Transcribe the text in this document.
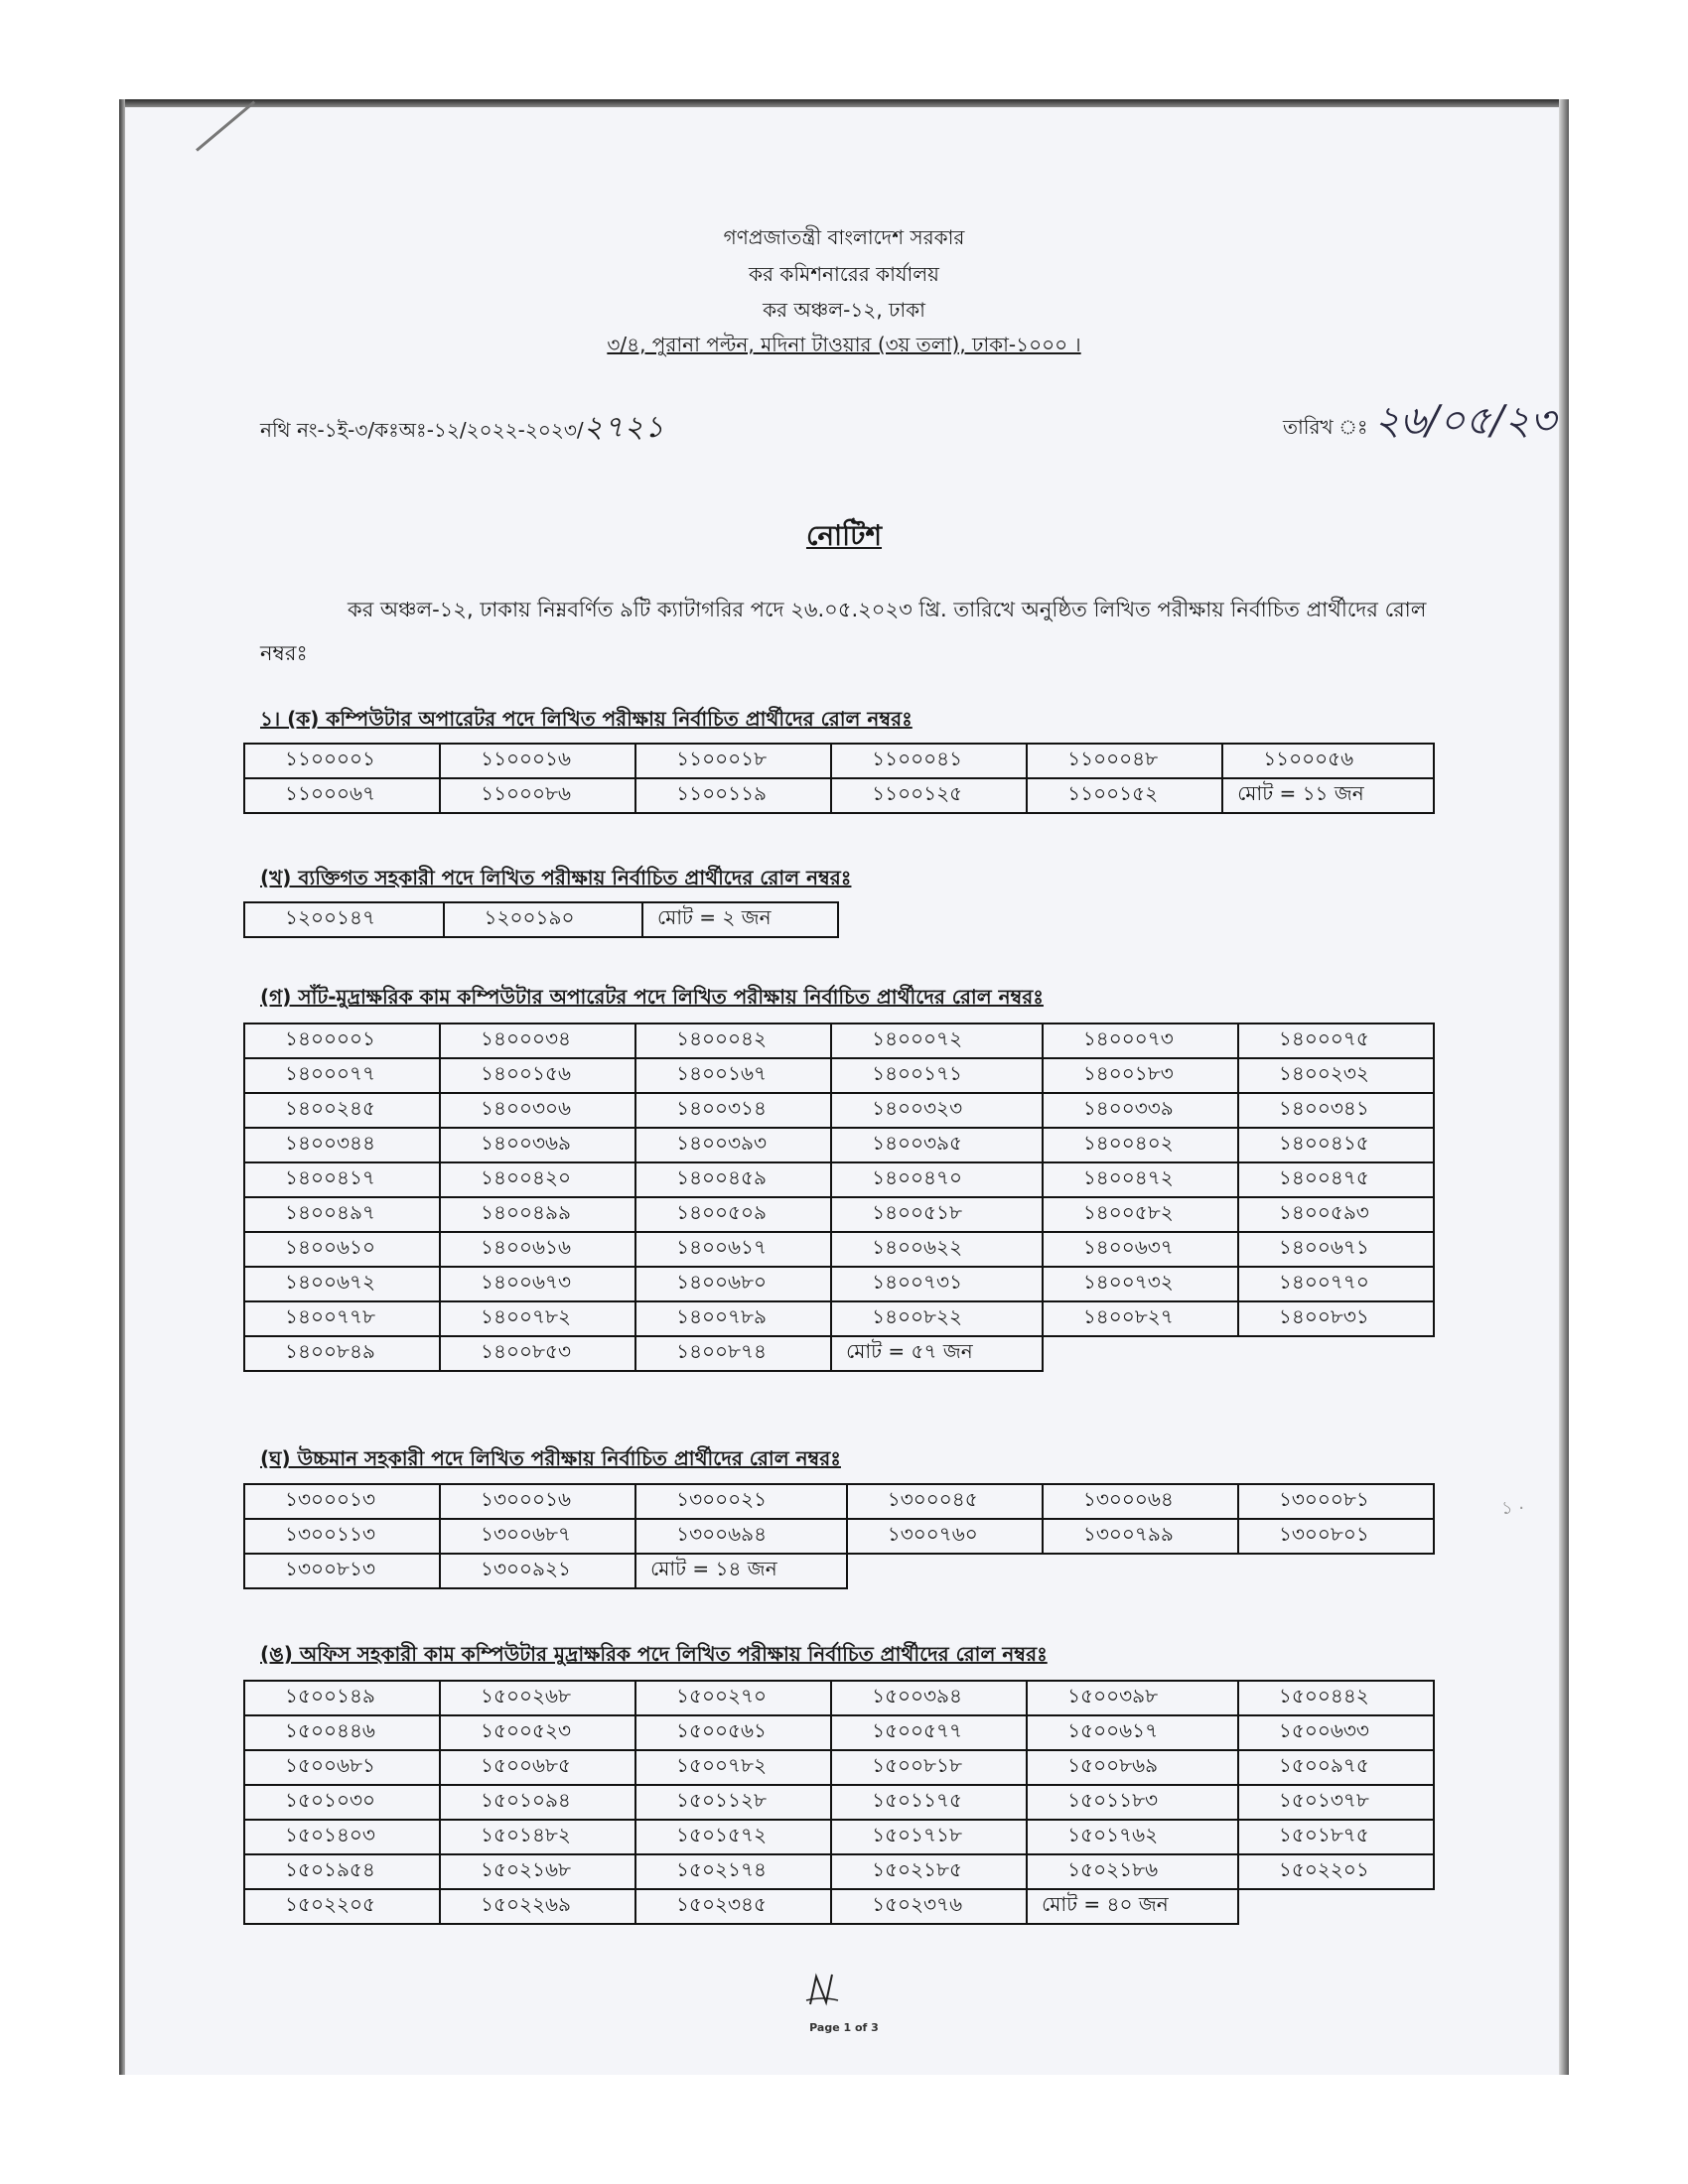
গণপ্রজাতন্ত্রী বাংলাদেশ সরকার
কর কমিশনারের কার্যালয়
কর অঞ্চল-১২, ঢাকা
৩/৪, পুরানা পল্টন, মদিনা টাওয়ার (৩য় তলা), ঢাকা-১০০০ ।
নথি নং-১ই-৩/কঃঅঃ-১২/২০২২-২০২৩/২৭২১	তারিখ ঃ ২৬/০৫/২৩
নোটিশ
কর অঞ্চল-১২, ঢাকায় নিম্নবর্ণিত ৯টি ক্যাটাগরির পদে ২৬.০৫.২০২৩ খ্রি. তারিখে অনুষ্ঠিত লিখিত পরীক্ষায় নির্বাচিত প্রার্থীদের রোল নম্বরঃ
১। (ক) কম্পিউটার অপারেটর পদে লিখিত পরীক্ষায় নির্বাচিত প্রার্থীদের রোল নম্বরঃ
১১০০০০১	১১০০০১৬	১১০০০১৮	১১০০০৪১	১১০০০৪৮	১১০০০৫৬
১১০০০৬৭	১১০০০৮৬	১১০০১১৯	১১০০১২৫	১১০০১৫২	মোট = ১১ জন
(খ) ব্যক্তিগত সহকারী পদে লিখিত পরীক্ষায় নির্বাচিত প্রার্থীদের রোল নম্বরঃ
১২০০১৪৭	১২০০১৯০	মোট = ২ জন
(গ) সাঁট-মুদ্রাক্ষরিক কাম কম্পিউটার অপারেটর পদে লিখিত পরীক্ষায় নির্বাচিত প্রার্থীদের রোল নম্বরঃ
১৪০০০০১	১৪০০০৩৪	১৪০০০৪২	১৪০০০৭২	১৪০০০৭৩	১৪০০০৭৫
১৪০০০৭৭	১৪০০১৫৬	১৪০০১৬৭	১৪০০১৭১	১৪০০১৮৩	১৪০০২৩২
১৪০০২৪৫	১৪০০৩০৬	১৪০০৩১৪	১৪০০৩২৩	১৪০০৩৩৯	১৪০০৩৪১
১৪০০৩৪৪	১৪০০৩৬৯	১৪০০৩৯৩	১৪০০৩৯৫	১৪০০৪০২	১৪০০৪১৫
১৪০০৪১৭	১৪০০৪২০	১৪০০৪৫৯	১৪০০৪৭০	১৪০০৪৭২	১৪০০৪৭৫
১৪০০৪৯৭	১৪০০৪৯৯	১৪০০৫০৯	১৪০০৫১৮	১৪০০৫৮২	১৪০০৫৯৩
১৪০০৬১০	১৪০০৬১৬	১৪০০৬১৭	১৪০০৬২২	১৪০০৬৩৭	১৪০০৬৭১
১৪০০৬৭২	১৪০০৬৭৩	১৪০০৬৮০	১৪০০৭৩১	১৪০০৭৩২	১৪০০৭৭০
১৪০০৭৭৮	১৪০০৭৮২	১৪০০৭৮৯	১৪০০৮২২	১৪০০৮২৭	১৪০০৮৩১
১৪০০৮৪৯	১৪০০৮৫৩	১৪০০৮৭৪	মোট = ৫৭ জন		
(ঘ) উচ্চমান সহকারী পদে লিখিত পরীক্ষায় নির্বাচিত প্রার্থীদের রোল নম্বরঃ
১৩০০০১৩	১৩০০০১৬	১৩০০০২১	১৩০০০৪৫	১৩০০০৬৪	১৩০০০৮১
১৩০০১১৩	১৩০০৬৮৭	১৩০০৬৯৪	১৩০০৭৬০	১৩০০৭৯৯	১৩০০৮০১
১৩০০৮১৩	১৩০০৯২১	মোট = ১৪ জন			
(ঙ) অফিস সহকারী কাম কম্পিউটার মুদ্রাক্ষরিক পদে লিখিত পরীক্ষায় নির্বাচিত প্রার্থীদের রোল নম্বরঃ
১৫০০১৪৯	১৫০০২৬৮	১৫০০২৭০	১৫০০৩৯৪	১৫০০৩৯৮	১৫০০৪৪২
১৫০০৪৪৬	১৫০০৫২৩	১৫০০৫৬১	১৫০০৫৭৭	১৫০০৬১৭	১৫০০৬৩৩
১৫০০৬৮১	১৫০০৬৮৫	১৫০০৭৮২	১৫০০৮১৮	১৫০০৮৬৯	১৫০০৯৭৫
১৫০১০৩০	১৫০১০৯৪	১৫০১১২৮	১৫০১১৭৫	১৫০১১৮৩	১৫০১৩৭৮
১৫০১৪০৩	১৫০১৪৮২	১৫০১৫৭২	১৫০১৭১৮	১৫০১৭৬২	১৫০১৮৭৫
১৫০১৯৫৪	১৫০২১৬৮	১৫০২১৭৪	১৫০২১৮৫	১৫০২১৮৬	১৫০২২০১
১৫০২২০৫	১৫০২২৬৯	১৫০২৩৪৫	১৫০২৩৭৬	মোট = ৪০ জন	
Page 1 of 3
১ ·
